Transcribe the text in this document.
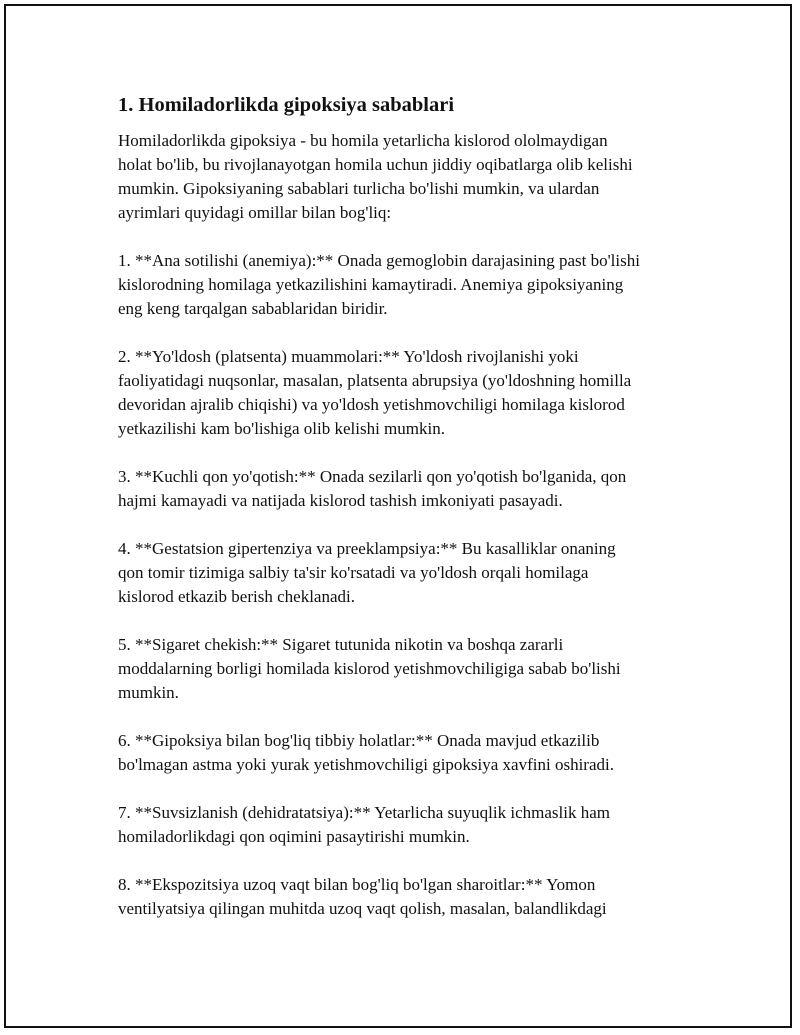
1. Homiladorlikda gipoksiya sabablari
Homiladorlikda gipoksiya - bu homila yetarlicha kislorod ololmaydigan
holat bo'lib, bu rivojlanayotgan homila uchun jiddiy oqibatlarga olib kelishi
mumkin. Gipoksiyaning sabablari turlicha bo'lishi mumkin, va ulardan
ayrimlari quyidagi omillar bilan bog'liq:
1. **Ana sotilishi (anemiya):** Onada gemoglobin darajasining past bo'lishi
kislorodning homilaga yetkazilishini kamaytiradi. Anemiya gipoksiyaning
eng keng tarqalgan sabablaridan biridir.
2. **Yo'ldosh (platsenta) muammolari:** Yo'ldosh rivojlanishi yoki
faoliyatidagi nuqsonlar, masalan, platsenta abrupsiya (yo'ldoshning homilla
devoridan ajralib chiqishi) va yo'ldosh yetishmovchiligi homilaga kislorod
yetkazilishi kam bo'lishiga olib kelishi mumkin.
3. **Kuchli qon yo'qotish:** Onada sezilarli qon yo'qotish bo'lganida, qon
hajmi kamayadi va natijada kislorod tashish imkoniyati pasayadi.
4. **Gestatsion gipertenziya va preeklampsiya:** Bu kasalliklar onaning
qon tomir tizimiga salbiy ta'sir ko'rsatadi va yo'ldosh orqali homilaga
kislorod etkazib berish cheklanadi.
5. **Sigaret chekish:** Sigaret tutunida nikotin va boshqa zararli
moddalarning borligi homilada kislorod yetishmovchiligiga sabab bo'lishi
mumkin.
6. **Gipoksiya bilan bog'liq tibbiy holatlar:** Onada mavjud etkazilib
bo'lmagan astma yoki yurak yetishmovchiligi gipoksiya xavfini oshiradi.
7. **Suvsizlanish (dehidratatsiya):** Yetarlicha suyuqlik ichmaslik ham
homiladorlikdagi qon oqimini pasaytirishi mumkin.
8. **Ekspozitsiya uzoq vaqt bilan bog'liq bo'lgan sharoitlar:** Yomon
ventilyatsiya qilingan muhitda uzoq vaqt qolish, masalan, balandlikdagi
